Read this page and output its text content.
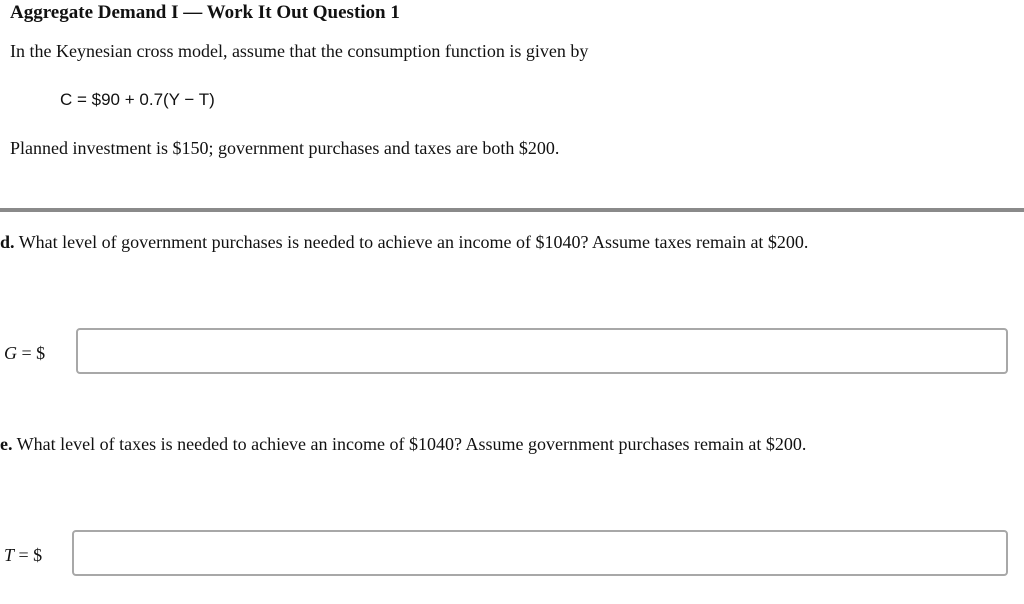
Aggregate Demand I — Work It Out Question 1
In the Keynesian cross model, assume that the consumption function is given by
C = $90 + 0.7(Y − T)
Planned investment is $150; government purchases and taxes are both $200.
d. What level of government purchases is needed to achieve an income of $1040? Assume taxes remain at $200.
G = $
e. What level of taxes is needed to achieve an income of $1040? Assume government purchases remain at $200.
T = $
